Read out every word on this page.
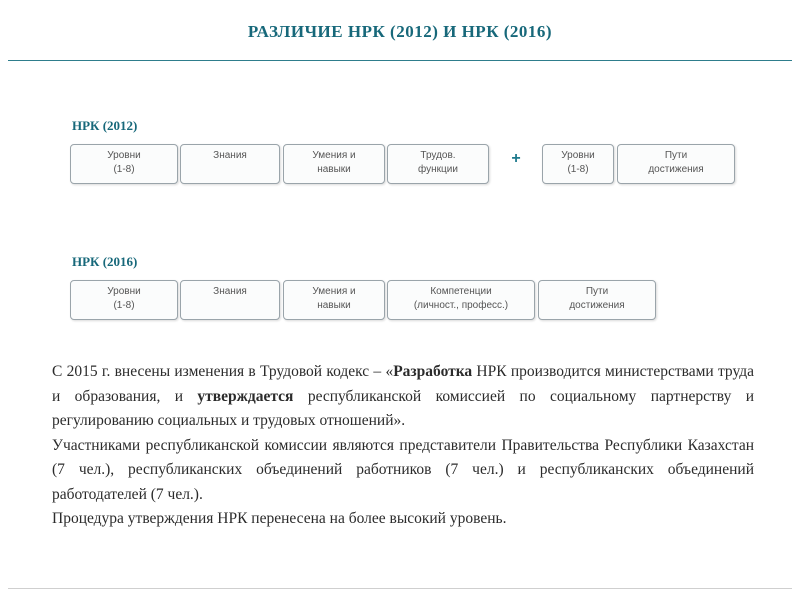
РАЗЛИЧИЕ НРК (2012) И НРК (2016)
НРК (2012)
Уровни
(1-8)
Знания	Умения и
навыки
Трудов.
функции
+	Уровни
(1-8)
Пути
достижения
НРК (2016)
Уровни
(1-8)
Знания	Умения и
навыки
Компетенции
(личност., професс.)
Пути
достижения

С 2015 г. внесены изменения в Трудовой кодекс – «Разработка НРК производится министерствами труда и образования, и утверждается республиканской комиссией по социальному партнерству и регулированию социальных и трудовых отношений».

Участниками республиканской комиссии являются представители Правительства Республики Казахстан (7 чел.), республиканских объединений работников (7 чел.) и республиканских объединений работодателей (7 чел.).

Процедура утверждения НРК перенесена на более высокий уровень.
